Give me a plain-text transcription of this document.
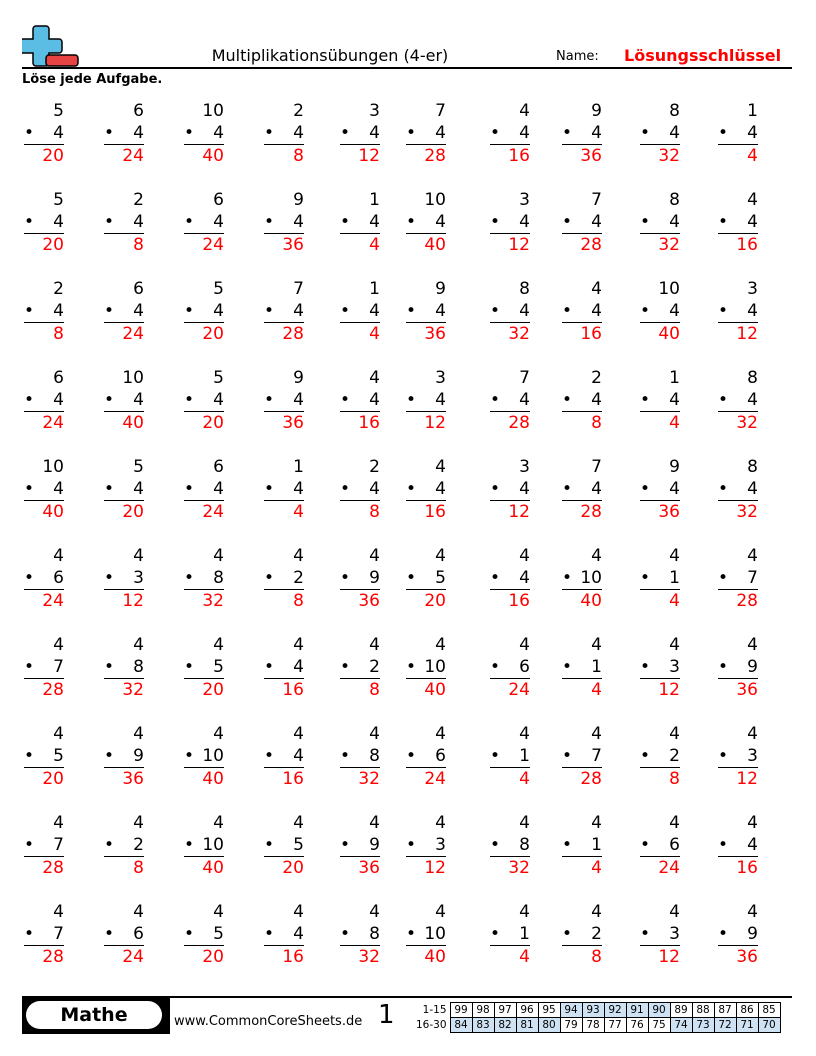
Multiplikationsübungen (4-er)	Name: Lösungsschlüssel
Löse jede Aufgabe.
5
• 4
20
6
• 4
24
10
• 4
40
2
• 4
8
3
• 4
12
7
• 4
28
4
• 4
16
9
• 4
36
8
• 4
32
1
• 4
4
5
• 4
20
2
• 4
8
6
• 4
24
9
• 4
36
1
• 4
4
10
• 4
40
3
• 4
12
7
• 4
28
8
• 4
32
4
• 4
16
2
• 4
8
6
• 4
24
5
• 4
20
7
• 4
28
1
• 4
4
9
• 4
36
8
• 4
32
4
• 4
16
10
• 4
40
3
• 4
12
6
• 4
24
10
• 4
40
5
• 4
20
9
• 4
36
4
• 4
16
3
• 4
12
7
• 4
28
2
• 4
8
1
• 4
4
8
• 4
32
10
• 4
40
5
• 4
20
6
• 4
24
1
• 4
4
2
• 4
8
4
• 4
16
3
• 4
12
7
• 4
28
9
• 4
36
8
• 4
32
4
• 6
24
4
• 3
12
4
• 8
32
4
• 2
8
4
• 9
36
4
• 5
20
4
• 4
16
4
• 10
40
4
• 1
4
4
• 7
28
4
• 7
28
4
• 8
32
4
• 5
20
4
• 4
16
4
• 2
8
4
• 10
40
4
• 6
24
4
• 1
4
4
• 3
12
4
• 9
36
4
• 5
20
4
• 9
36
4
• 10
40
4
• 4
16
4
• 8
32
4
• 6
24
4
• 1
4
4
• 7
28
4
• 2
8
4
• 3
12
4
• 7
28
4
• 2
8
4
• 10
40
4
• 5
20
4
• 9
36
4
• 3
12
4
• 8
32
4
• 1
4
4
• 6
24
4
• 4
16
4
• 7
28
4
• 6
24
4
• 5
20
4
• 4
16
4
• 8
32
4
• 10
40
4
• 1
4
4
• 2
8
4
• 3
12
4
• 9
36
Mathe	www.CommonCoreSheets.de 1	1-15	99	98	97	96	95	94	93	92	91	90	89	88	87	86	85
16-30	84	83	82	81	80	79	78	77	76	75	74	73	72	71	70
